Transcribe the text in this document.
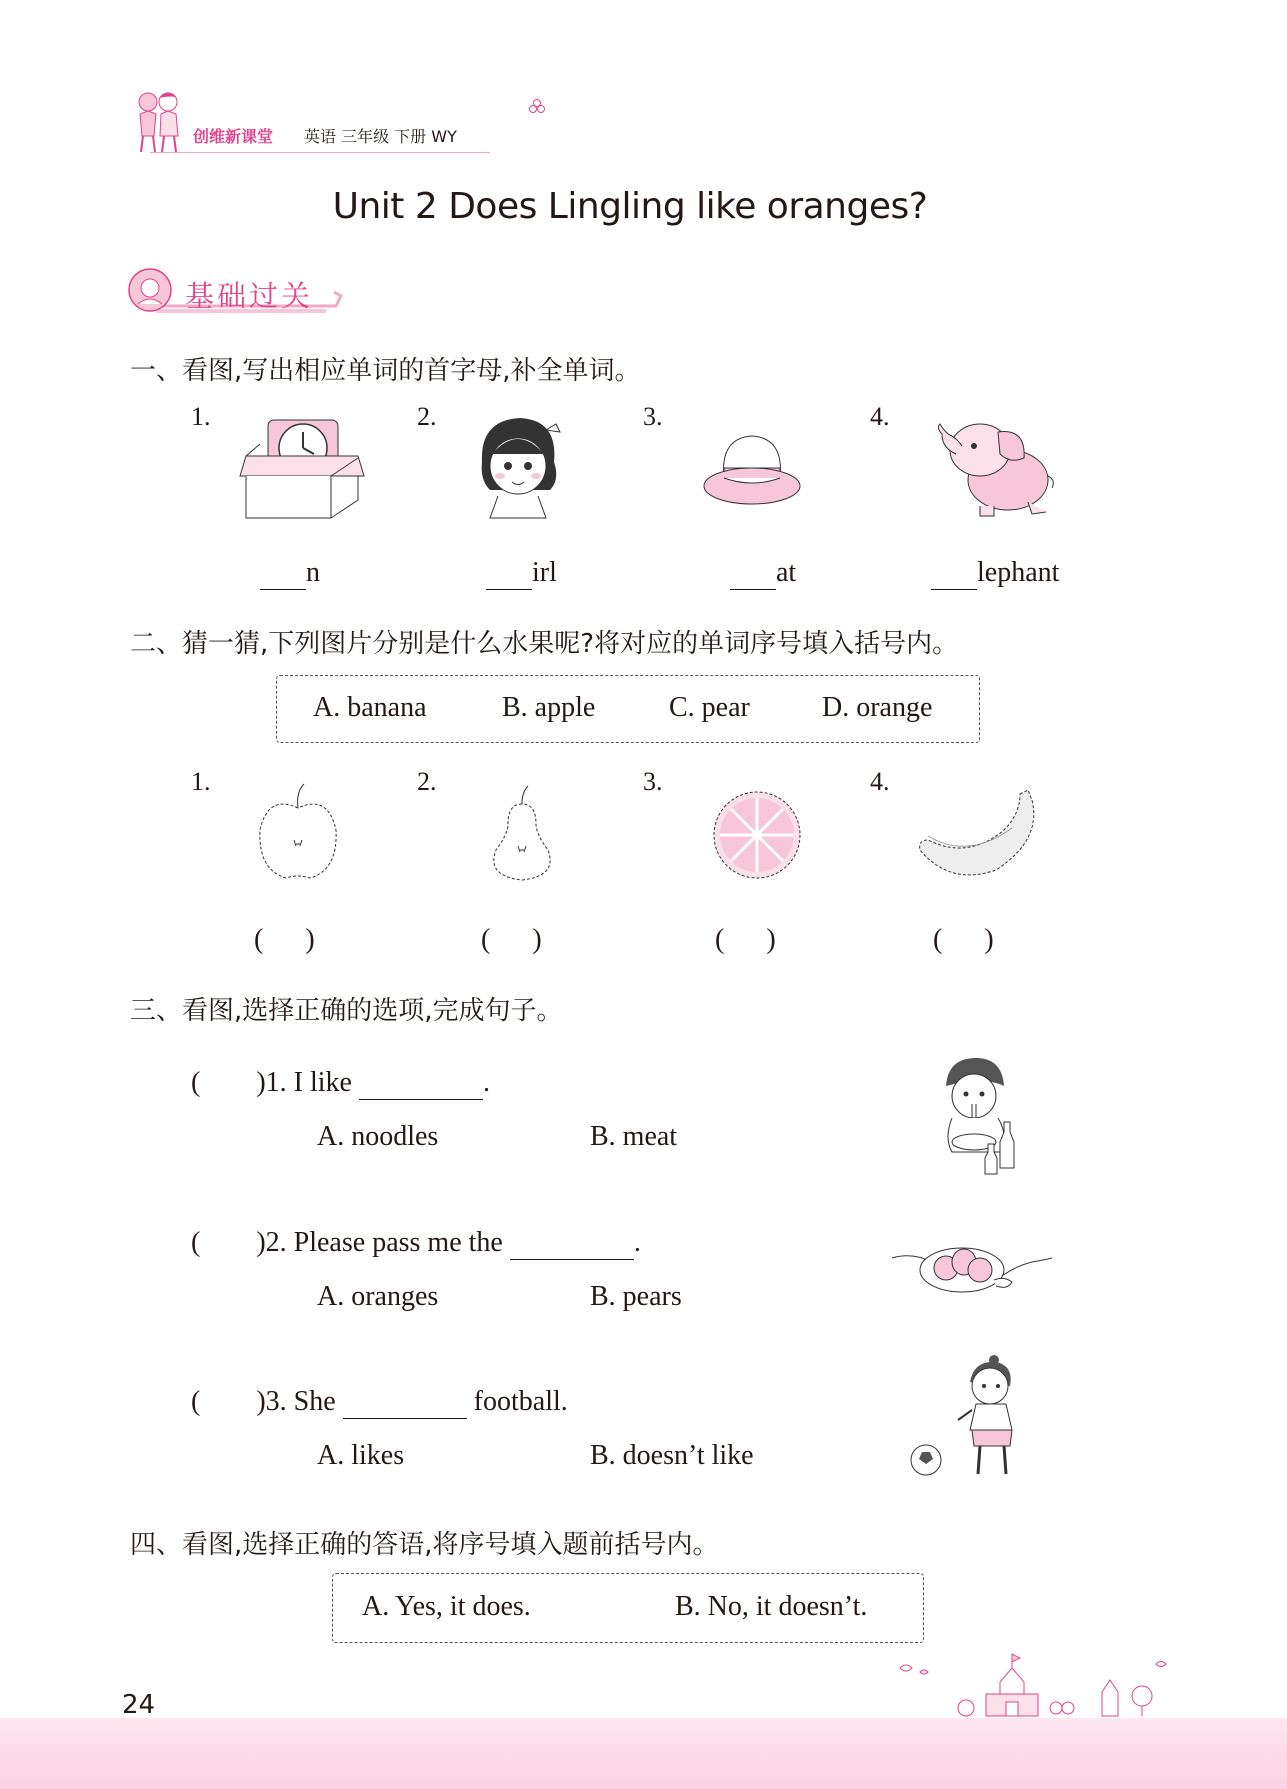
创维新课堂 英语 三年级 下册 WY
Unit 2 Does Lingling like oranges?
基础过关
一、看图,写出相应单词的首字母,补全单词。
1.
n
2.
irl
3.
at
4.
lephant
二、猜一猜,下列图片分别是什么水果呢?将对应的单词序号填入括号内。
A. banana	B. apple	C. pear	D. orange
1.
(      )
2.
(      )
3.
(      )
4.
(      )
三、看图,选择正确的选项,完成句子。
(        )1. I like	.
A. noodles	B. meat
(        )2. Please pass me the	.
A. oranges	B. pears
(        )3. She	football.
A. likes	B. doesn’t like
四、看图,选择正确的答语,将序号填入题前括号内。
A. Yes, it does.	B. No, it doesn’t.
24
